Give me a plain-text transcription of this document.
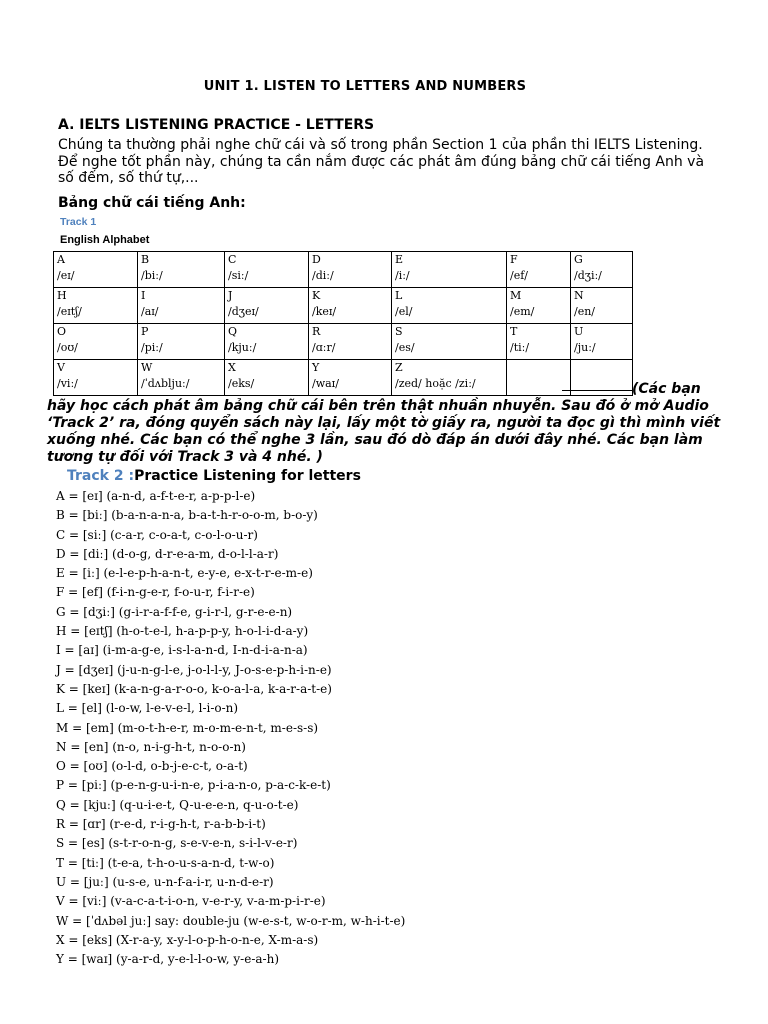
UNIT 1. LISTEN TO LETTERS AND NUMBERS
A. IELTS LISTENING PRACTICE - LETTERS

Chúng ta thường phải nghe chữ cái và số trong phần Section 1 của phần thi IELTS Listening.

Để nghe tốt phần này, chúng ta cần nắm được các phát âm đúng bảng chữ cái tiếng Anh và

số đếm, số thứ tự,...

Bảng chữ cái tiếng Anh:
Track 1
English Alphabet
A
/eɪ/	B
/biː/	C
/siː/	D
/diː/	E
/iː/	F
/ef/	G
/dʒiː/

H
/eɪtʃ/	I
/aɪ/	J
/dʒeɪ/	K
/keɪ/	L
/el/	M
/em/	N
/en/

O
/oʊ/	P
/piː/	Q
/kjuː/	R
/ɑːr/	S
/es/	T
/tiː/	U
/juː/

V
/viː/	W
/ˈdʌbljuː/	X
/eks/	Y
/waɪ/	Z
/zed/ hoặc /ziː/		

		(Các bạn
hãy học cách phát âm bảng chữ cái bên trên thật nhuần nhuyễn. Sau đó ở mở Audio
‘Track 2’ ra, đóng quyển sách này lại, lấy một tờ giấy ra, người ta đọc gì thì mình viết
xuống nhé. Các bạn có thể nghe 3 lần, sau đó dò đáp án dưới đây nhé. Các bạn làm
tương tự đối với Track 3 và 4 nhé. )
Track 2 :Practice Listening for letters
A = [eɪ] (a-n-d, a-f-t-e-r, a-p-p-l-e)
B = [biː] (b-a-n-a-n-a, b-a-t-h-r-o-o-m, b-o-y)
C = [siː] (c-a-r, c-o-a-t, c-o-l-o-u-r)
D = [diː] (d-o-g, d-r-e-a-m, d-o-l-l-a-r)
E = [iː] (e-l-e-p-h-a-n-t, e-y-e, e-x-t-r-e-m-e)
F = [ef] (f-i-n-g-e-r, f-o-u-r, f-i-r-e)
G = [dʒiː] (g-i-r-a-f-f-e, g-i-r-l, g-r-e-e-n)
H = [eɪtʃ] (h-o-t-e-l, h-a-p-p-y, h-o-l-i-d-a-y)
I = [aɪ] (i-m-a-g-e, i-s-l-a-n-d, I-n-d-i-a-n-a)
J = [dʒeɪ] (j-u-n-g-l-e, j-o-l-l-y, J-o-s-e-p-h-i-n-e)
K = [keɪ] (k-a-n-g-a-r-o-o, k-o-a-l-a, k-a-r-a-t-e)
L = [el] (l-o-w, l-e-v-e-l, l-i-o-n)
M = [em] (m-o-t-h-e-r, m-o-m-e-n-t, m-e-s-s)
N = [en] (n-o, n-i-g-h-t, n-o-o-n)
O = [oʊ] (o-l-d, o-b-j-e-c-t, o-a-t)
P = [piː] (p-e-n-g-u-i-n-e, p-i-a-n-o, p-a-c-k-e-t)
Q = [kjuː] (q-u-i-e-t, Q-u-e-e-n, q-u-o-t-e)
R = [ɑr] (r-e-d, r-i-g-h-t, r-a-b-b-i-t)
S = [es] (s-t-r-o-n-g, s-e-v-e-n, s-i-l-v-e-r)
T = [tiː] (t-e-a, t-h-o-u-s-a-n-d, t-w-o)
U = [juː] (u-s-e, u-n-f-a-i-r, u-n-d-e-r)
V = [viː] (v-a-c-a-t-i-o-n, v-e-r-y, v-a-m-p-i-r-e)
W = [ˈdʌbəl juː] say: double-ju (w-e-s-t, w-o-r-m, w-h-i-t-e)
X = [eks] (X-r-a-y, x-y-l-o-p-h-o-n-e, X-m-a-s)
Y = [waɪ] (y-a-r-d, y-e-l-l-o-w, y-e-a-h)
